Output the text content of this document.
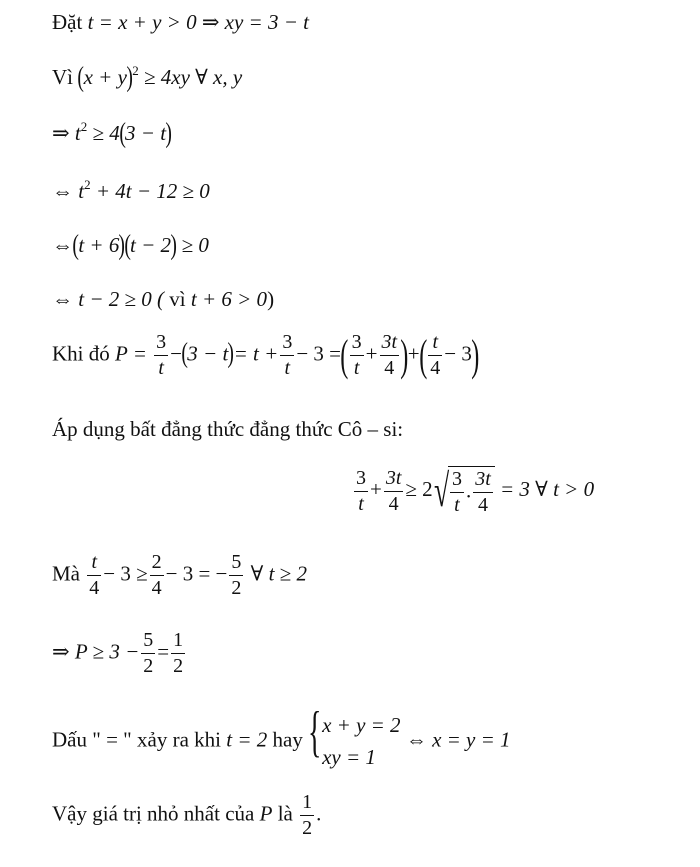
Đặt t = x + y > 0 ⇒ xy = 3 − t
Vì $(x + y)^2 \ge 4xy$ ∀ x, y
⇒ $t^2 \ge 4(3 - t)$
⇔ $t^2 + 4t - 12 \ge 0$
⇔(t + 6)(t − 2) ≥ 0
⇔ t − 2 ≥ 0 ( vì t + 6 > 0)
Khi đó $P = \frac{3}{t} -(3 - t)= t + \frac{3}{t} - 3$ =( $\frac{3}{t} + \frac{3t}{4}$ )+( $\frac{t}{4} - 3$)
Áp dụng bất đẳng thức đẳng thức Cô – si:
$\frac{3}{t} + \frac{3t}{4} \ge 2√ \frac{3}{t}$ . $\frac{3t}{4} = 3$ ∀ t > 0
Mà $\frac{t}{4} - 3 \ge \frac{2}{4} - 3$ = − $\frac{5}{2}$ ∀ t ≥ 2
⇒ $P \ge 3 - \frac{5}{2} = \frac{1}{2}$
Dấu " = " xảy ra khi t = 2 hay { x + y = 2
xy = 1
⇔ x = y = 1
Vậy giá trị nhỏ nhất của P là $\frac{1}{2}$ .
